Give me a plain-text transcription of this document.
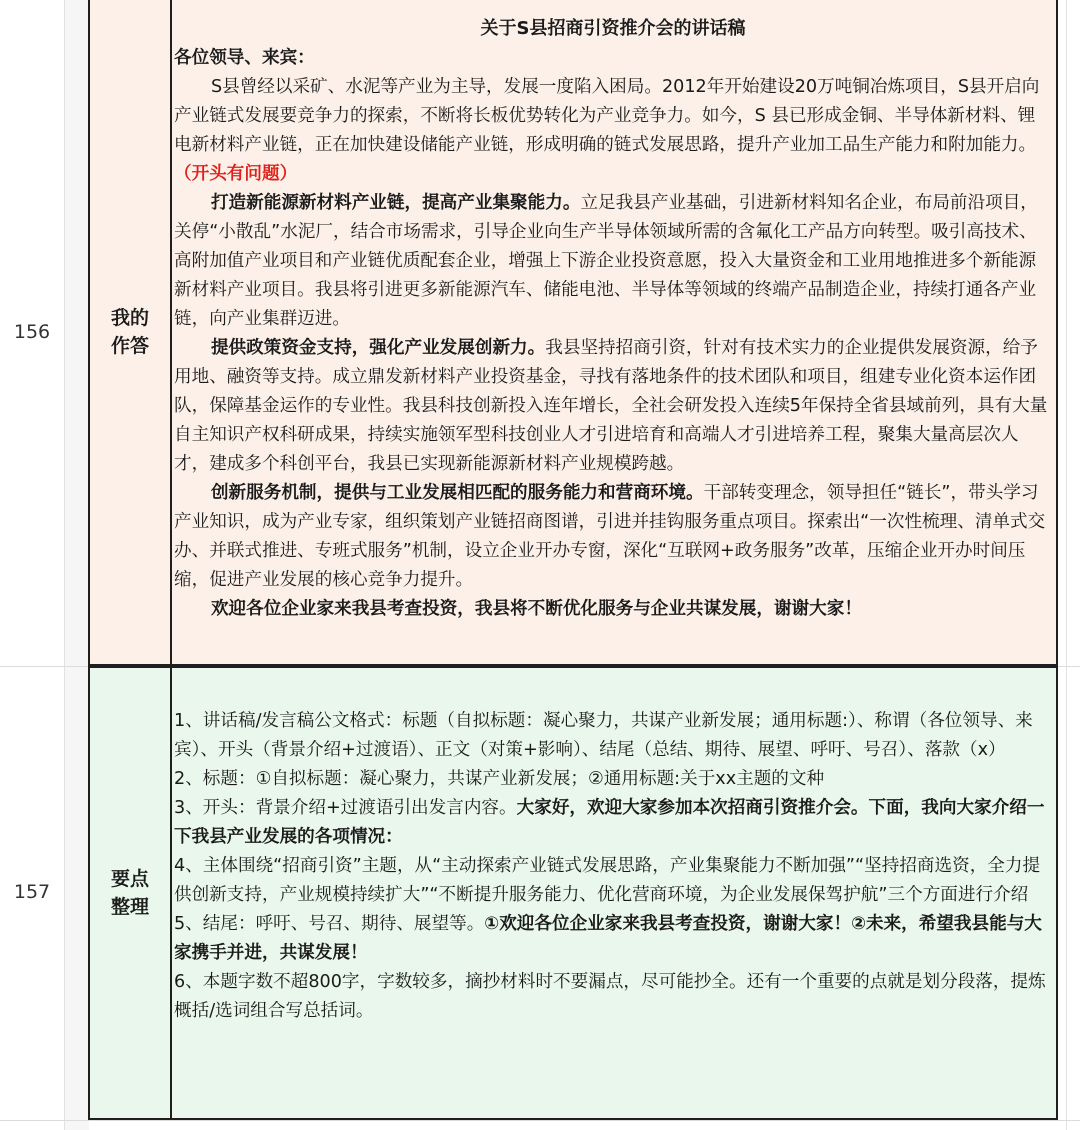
156
157
我的作答
关于S县招商引资推介会的讲话稿

各位领导、来宾：

S县曾经以采矿、水泥等产业为主导，发展一度陷入困局。2012年开始建设20万吨铜冶炼项目，S县开启向产业链式发展要竞争力的探索，不断将长板优势转化为产业竞争力。如今，S 县已形成金铜、半导体新材料、锂电新材料产业链，正在加快建设储能产业链，形成明确的链式发展思路，提升产业加工品生产能力和附加能力。（开头有问题）

打造新能源新材料产业链，提高产业集聚能力。立足我县产业基础，引进新材料知名企业，布局前沿项目，关停“小散乱”水泥厂，结合市场需求，引导企业向生产半导体领域所需的含氟化工产品方向转型。吸引高技术、高附加值产业项目和产业链优质配套企业，增强上下游企业投资意愿，投入大量资金和工业用地推进多个新能源新材料产业项目。我县将引进更多新能源汽车、储能电池、半导体等领域的终端产品制造企业，持续打通各产业链，向产业集群迈进。

提供政策资金支持，强化产业发展创新力。我县坚持招商引资，针对有技术实力的企业提供发展资源，给予用地、融资等支持。成立鼎发新材料产业投资基金，寻找有落地条件的技术团队和项目，组建专业化资本运作团队，保障基金运作的专业性。我县科技创新投入连年增长，全社会研发投入连续5年保持全省县域前列，具有大量自主知识产权科研成果，持续实施领军型科技创业人才引进培育和高端人才引进培养工程，聚集大量高层次人才，建成多个科创平台，我县已实现新能源新材料产业规模跨越。

创新服务机制，提供与工业发展相匹配的服务能力和营商环境。干部转变理念，领导担任“链长”，带头学习产业知识，成为产业专家，组织策划产业链招商图谱，引进并挂钩服务重点项目。探索出“一次性梳理、清单式交办、并联式推进、专班式服务”机制，设立企业开办专窗，深化“互联网+政务服务”改革，压缩企业开办时间压缩，促进产业发展的核心竞争力提升。

欢迎各位企业家来我县考查投资，我县将不断优化服务与企业共谋发展，谢谢大家！

要点整理

1、讲话稿/发言稿公文格式：标题（自拟标题：凝心聚力，共谋产业新发展；通用标题:）、称谓（各位领导、来宾）、开头（背景介绍+过渡语）、正文（对策+影响）、结尾（总结、期待、展望、呼吁、号召）、落款（x）

2、标题：①自拟标题：凝心聚力，共谋产业新发展；②通用标题:关于xx主题的文种

3、开头：背景介绍+过渡语引出发言内容。大家好，欢迎大家参加本次招商引资推介会。下面，我向大家介绍一下我县产业发展的各项情况：

4、主体围绕“招商引资”主题，从“主动探索产业链式发展思路，产业集聚能力不断加强”“坚持招商选资，全力提供创新支持，产业规模持续扩大”“不断提升服务能力、优化营商环境，为企业发展保驾护航”三个方面进行介绍

5、结尾：呼吁、号召、期待、展望等。①欢迎各位企业家来我县考查投资，谢谢大家！②未来，希望我县能与大家携手并进，共谋发展！

6、本题字数不超800字，字数较多，摘抄材料时不要漏点，尽可能抄全。还有一个重要的点就是划分段落，提炼概括/选词组合写总括词。
